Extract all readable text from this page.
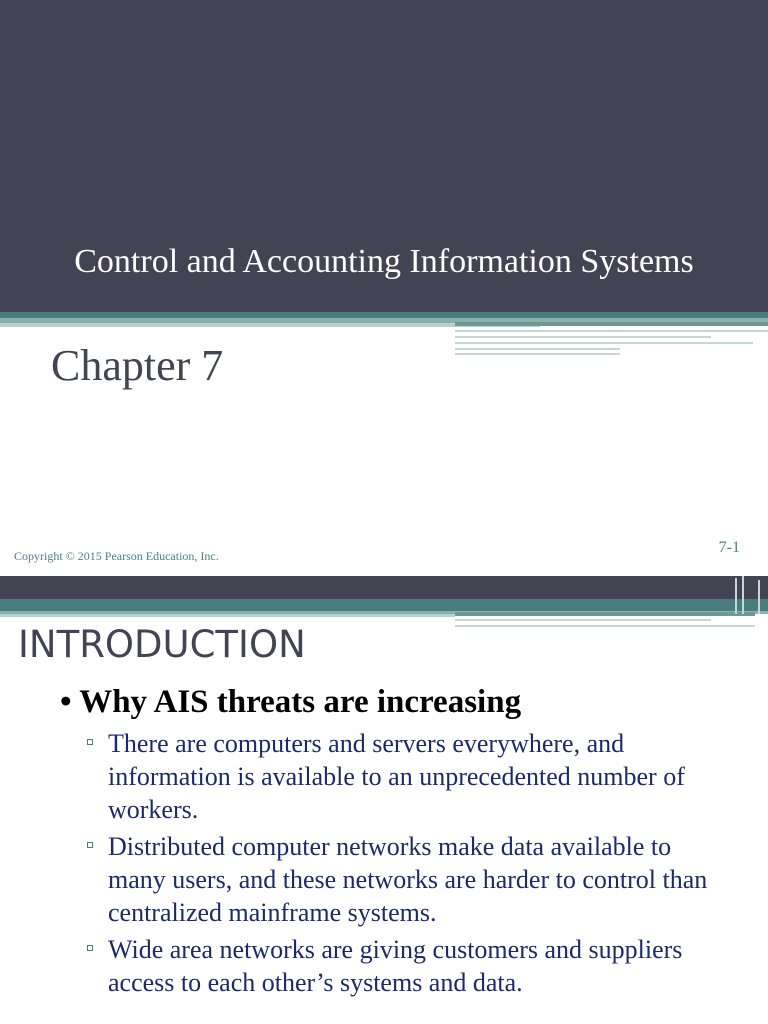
Control and Accounting Information Systems
Chapter 7
Copyright © 2015 Pearson Education, Inc.	7-1
INTRODUCTION
• Why AIS threats are increasing
There are computers and servers everywhere, and information is available to an unprecedented number of workers.
Distributed computer networks make data available to many users, and these networks are harder to control than centralized mainframe systems.
Wide area networks are giving customers and suppliers access to each other’s systems and data.
